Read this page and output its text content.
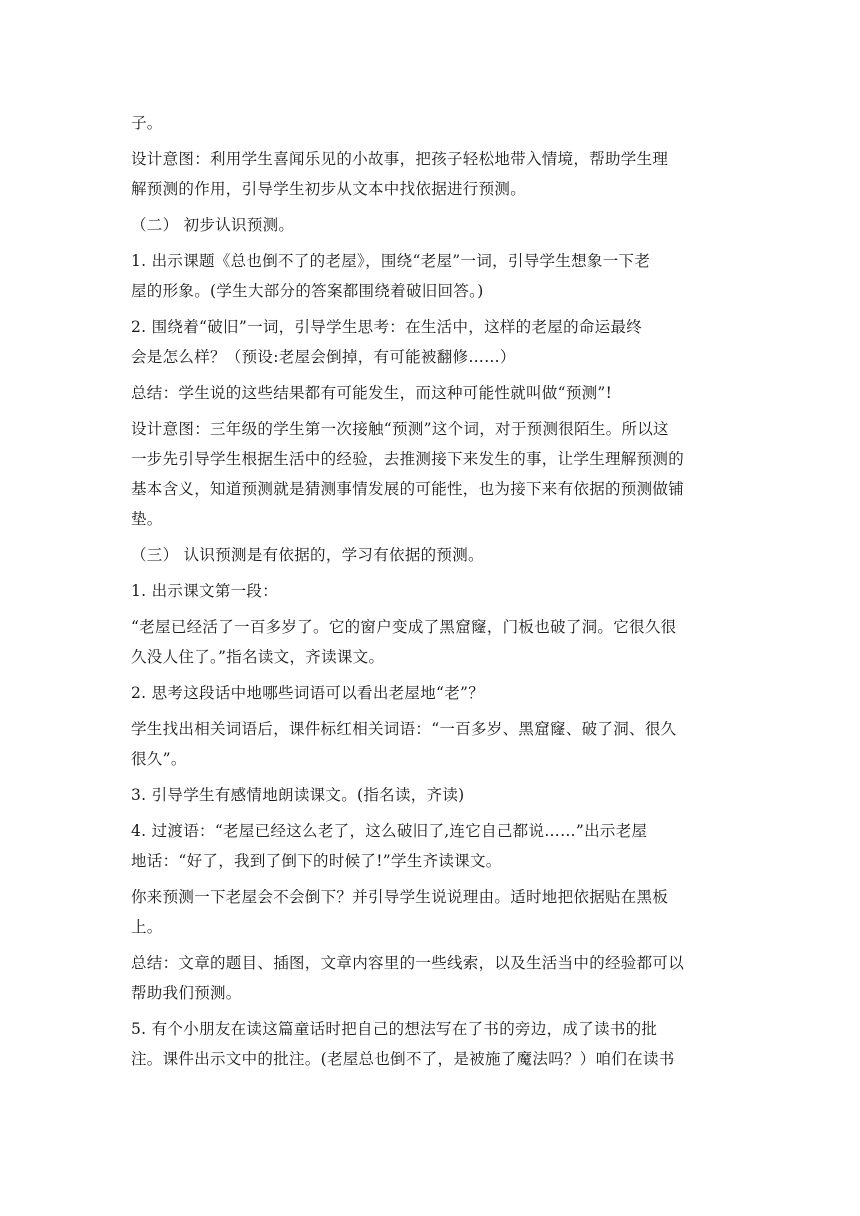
子。
设计意图：利用学生喜闻乐见的小故事，把孩子轻松地带入情境，帮助学生理
解预测的作用，引导学生初步从文本中找依据进行预测。
（二） 初步认识预测。
1. 出示课题《总也倒不了的老屋》，围绕“老屋”一词，引导学生想象一下老
屋的形象。(学生大部分的答案都围绕着破旧回答。)
2. 围绕着“破旧”一词，引导学生思考：在生活中，这样的老屋的命运最终
会是怎么样？（预设:老屋会倒掉，有可能被翻修……）
总结：学生说的这些结果都有可能发生，而这种可能性就叫做“预测”!
设计意图：三年级的学生第一次接触“预测”这个词，对于预测很陌生。所以这
一步先引导学生根据生活中的经验，去推测接下来发生的事，让学生理解预测的
基本含义，知道预测就是猜测事情发展的可能性，也为接下来有依据的预测做铺
垫。
（三） 认识预测是有依据的，学习有依据的预测。
1. 出示课文第一段：
“老屋已经活了一百多岁了。它的窗户变成了黑窟窿，门板也破了洞。它很久很
久没人住了。”指名读文，齐读课文。
2. 思考这段话中地哪些词语可以看出老屋地“老”？
学生找出相关词语后，课件标红相关词语：“一百多岁、黑窟窿、破了洞、很久
很久”。
3. 引导学生有感情地朗读课文。(指名读，齐读)
4. 过渡语：“老屋已经这么老了，这么破旧了,连它自己都说……”出示老屋
地话：“好了，我到了倒下的时候了!”学生齐读课文。
你来预测一下老屋会不会倒下？并引导学生说说理由。适时地把依据贴在黑板
上。
总结：文章的题目、插图，文章内容里的一些线索，以及生活当中的经验都可以
帮助我们预测。
5. 有个小朋友在读这篇童话时把自己的想法写在了书的旁边，成了读书的批
注。课件出示文中的批注。(老屋总也倒不了，是被施了魔法吗？）咱们在读书
